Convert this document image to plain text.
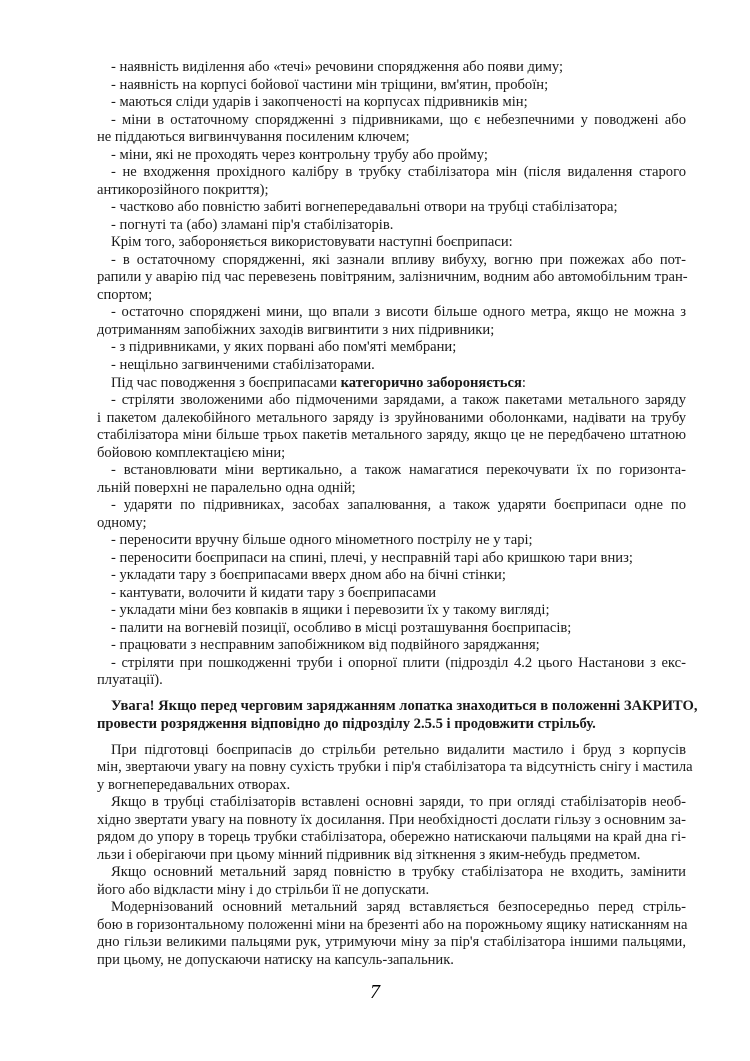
- наявність виділення або «течі» речовини спорядження або появи диму;
- наявність на корпусі бойової частини мін тріщини, вм'ятин, пробоїн;
- маються сліди ударів і закопченості на корпусах підривників мін;
- міни в остаточному спорядженні з підривниками, що є небезпечними у поводжені або
не піддаються вигвинчування посиленим ключем;
- міни, які не проходять через контрольну трубу або пройму;
- не входження прохідного калібру в трубку стабілізатора мін (після видалення старого
антикорозійного покриття);
- частково або повністю забиті вогнепередавальні отвори на трубці стабілізатора;
- погнуті та (або) зламані пір'я стабілізаторів.
Крім того, забороняється використовувати наступні боєприпаси:
- в остаточному спорядженні, які зазнали впливу вибуху, вогню при пожежах або пот-
рапили у аварію під час перевезень повітряним, залізничним, водним або автомобільним тран-
спортом;
- остаточно споряджені мини, що впали з висоти більше одного метра, якщо не можна з
дотриманням запобіжних заходів вигвинтити з них підривники;
- з підривниками, у яких порвані або пом'яті мембрани;
- нещільно загвинченими стабілізаторами.
Під час поводження з боєприпасами категорично забороняється:
- стріляти зволоженими або підмоченими зарядами, а також пакетами метального заряду
і пакетом далекобійного метального заряду із зруйнованими оболонками, надівати на трубу
стабілізатора міни більше трьох пакетів метального заряду, якщо це не передбачено штатною
бойовою комплектацією міни;
- встановлювати міни вертикально, а також намагатися перекочувати їх по горизонта-
льній поверхні не паралельно одна одній;
- ударяти по підривниках, засобах запалювання, а також ударяти боєприпаси одне по
одному;
- переносити вручну більше одного мінометного пострілу не у тарі;
- переносити боєприпаси на спині, плечі, у несправній тарі або кришкою тари вниз;
- укладати тару з боєприпасами вверх дном або на бічні стінки;
- кантувати, волочити й кидати тару з боєприпасами
- укладати міни без ковпаків в ящики і перевозити їх у такому вигляді;
- палити на вогневій позиції, особливо в місці розташування боєприпасів;
- працювати з несправним запобіжником від подвійного заряджання;
- стріляти при пошкодженні труби і опорної плити (підрозділ 4.2 цього Настанови з екс-
плуатації).
Увага! Якщо перед черговим заряджанням лопатка знаходиться в положенні ЗАКРИТО,
провести розрядження відповідно до підрозділу 2.5.5 і продовжити стрільбу.
При підготовці боєприпасів до стрільби ретельно видалити мастило і бруд з корпусів
мін, звертаючи увагу на повну сухість трубки і пір'я стабілізатора та відсутність снігу і мастила
у вогнепередавальних отворах.
Якщо в трубці стабілізаторів вставлені основні заряди, то при огляді стабілізаторів необ-
хідно звертати увагу на повноту їх досилання. При необхідності дослати гільзу з основним за-
рядом до упору в торець трубки стабілізатора, обережно натискаючи пальцями на край дна гі-
льзи і оберігаючи при цьому мінний підривник від зіткнення з яким-небудь предметом.
Якщо основний метальний заряд повністю в трубку стабілізатора не входить, замінити
його або відкласти міну і до стрільби її не допускати.
Модернізований основний метальний заряд вставляється безпосередньо перед стріль-
бою в горизонтальному положенні міни на брезенті або на порожньому ящику натисканням на
дно гільзи великими пальцями рук, утримуючи міну за пір'я стабілізатора іншими пальцями,
при цьому, не допускаючи натиску на капсуль-запальник.
7
